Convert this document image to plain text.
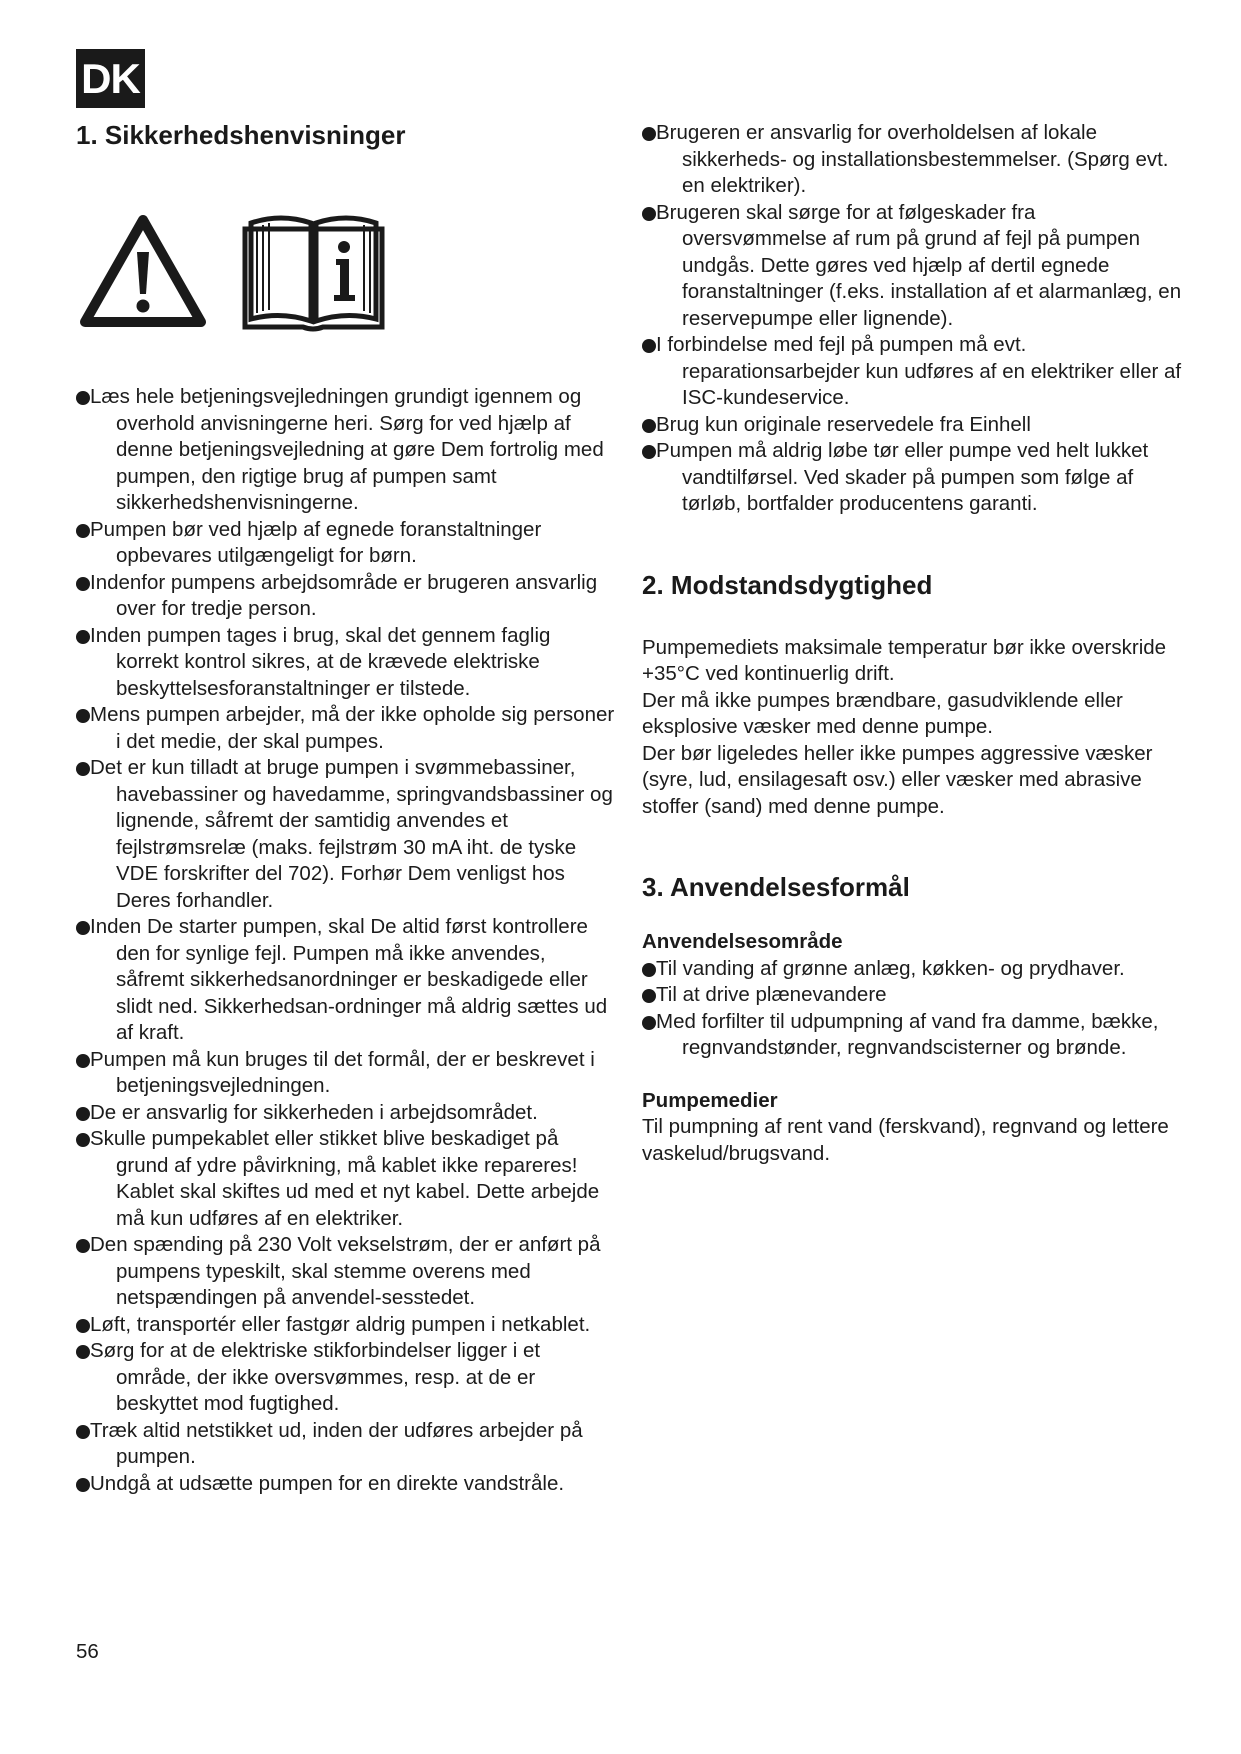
DK
1. Sikkerhedshenvisninger
Læs hele betjeningsvejledningen grundigt igennem og overhold anvisningerne heri. Sørg for ved hjælp af denne betjeningsvejledning at gøre Dem fortrolig med pumpen, den rigtige brug af pumpen samt sikkerhedshenvisningerne.
Pumpen bør ved hjælp af egnede foranstaltninger opbevares utilgængeligt for børn.
Indenfor pumpens arbejdsområde er brugeren ansvarlig over for tredje person.
Inden pumpen tages i brug, skal det gennem faglig korrekt kontrol sikres, at de krævede elektriske beskyttelsesforanstaltninger er tilstede.
Mens pumpen arbejder, må der ikke opholde sig personer i det medie, der skal pumpes.
Det er kun tilladt at bruge pumpen i svømmebassiner, havebassiner og havedamme, springvandsbassiner og lignende, såfremt der samtidig anvendes et fejlstrømsrelæ (maks. fejlstrøm 30 mA iht. de tyske VDE forskrifter del 702). Forhør Dem venligst hos Deres forhandler.
Inden De starter pumpen, skal De altid først kontrollere den for synlige fejl. Pumpen må ikke anvendes, såfremt sikkerhedsanordninger er beskadigede eller slidt ned. Sikkerhedsan-ordninger må aldrig sættes ud af kraft.
Pumpen må kun bruges til det formål, der er beskrevet i betjeningsvejledningen.
De er ansvarlig for sikkerheden i arbejdsområdet.
Skulle pumpekablet eller stikket blive beskadiget på grund af ydre påvirkning, må kablet ikke repareres! Kablet skal skiftes ud med et nyt kabel. Dette arbejde må kun udføres af en elektriker.
Den spænding på 230 Volt vekselstrøm, der er anført på pumpens typeskilt, skal stemme overens med netspændingen på anvendel-sesstedet.
Løft, transportér eller fastgør aldrig pumpen i netkablet.
Sørg for at de elektriske stikforbindelser ligger i et område, der ikke oversvømmes, resp. at de er beskyttet mod fugtighed.
Træk altid netstikket ud, inden der udføres arbejder på pumpen.
Undgå at udsætte pumpen for en direkte vandstråle.
Brugeren er ansvarlig for overholdelsen af lokale sikkerheds- og installationsbestemmelser. (Spørg evt. en elektriker).
Brugeren skal sørge for at følgeskader fra oversvømmelse af rum på grund af fejl på pumpen undgås. Dette gøres ved hjælp af dertil egnede foranstaltninger (f.eks. installation af et alarmanlæg, en reservepumpe eller lignende).
I forbindelse med fejl på pumpen må evt. reparationsarbejder kun udføres af en elektriker eller af ISC-kundeservice.
Brug kun originale reservedele fra Einhell
Pumpen må aldrig løbe tør eller pumpe ved helt lukket vandtilførsel. Ved skader på pumpen som følge af tørløb, bortfalder producentens garanti.
2. Modstandsdygtighed

Pumpemediets maksimale temperatur bør ikke overskride +35°C ved kontinuerlig drift.

Der må ikke pumpes brændbare, gasudviklende eller eksplosive væsker med denne pumpe.

Der bør ligeledes heller ikke pumpes aggressive væsker (syre, lud, ensilagesaft osv.) eller væsker med abrasive stoffer (sand) med denne pumpe.

3. Anvendelsesformål

Anvendelsesområde

Til vanding af grønne anlæg, køkken- og prydhaver.
Til at drive plænevandere
Med forfilter til udpumpning af vand fra damme, bække, regnvandstønder, regnvandscisterner og brønde.

Pumpemedier

Til pumpning af rent vand (ferskvand), regnvand og lettere vaskelud/brugsvand.

56
